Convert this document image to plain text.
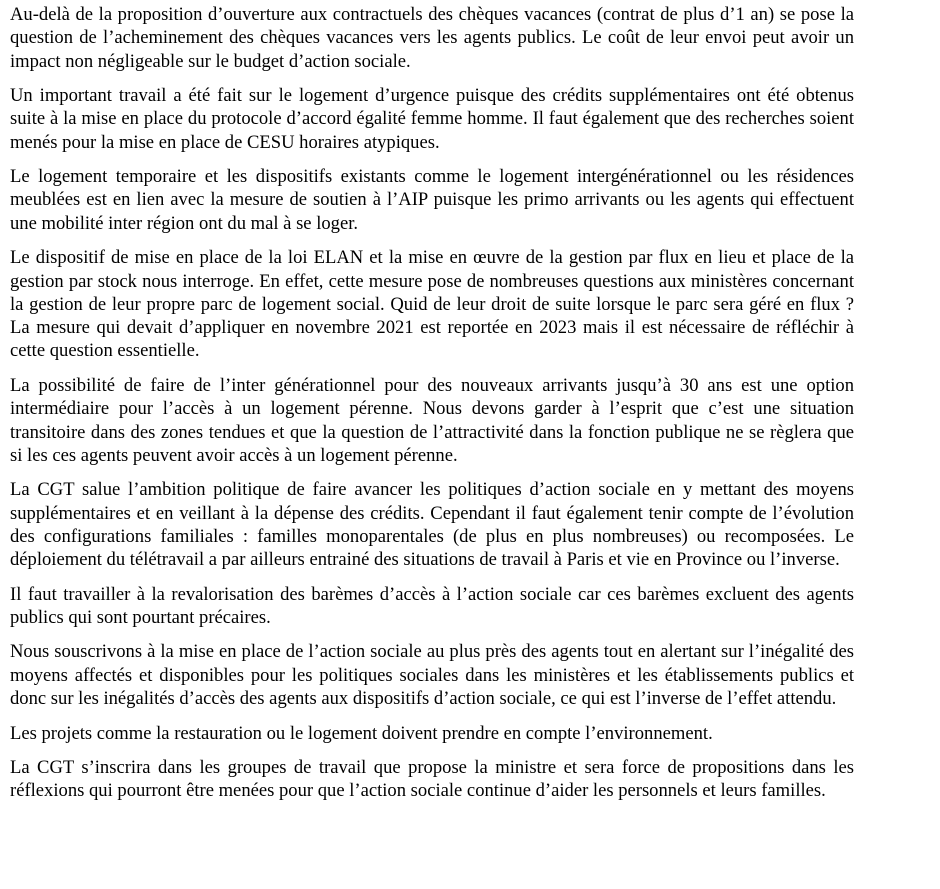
Au-delà de la proposition d’ouverture aux contractuels des chèques vacances (contrat de plus d’1 an) se pose la question de l’acheminement des chèques vacances vers les agents publics. Le coût de leur envoi peut avoir un impact non négligeable sur le budget d’action sociale.

Un important travail a été fait sur le logement d’urgence puisque des crédits supplémentaires ont été obtenus suite à la mise en place du protocole d’accord égalité femme homme. Il faut également que des recherches soient menés pour la mise en place de CESU horaires atypiques.

Le logement temporaire et les dispositifs existants comme le logement intergénérationnel ou les résidences meublées est en lien avec la mesure de soutien à l’AIP puisque les primo arrivants ou les agents qui effectuent une mobilité inter région ont du mal à se loger.

Le dispositif de mise en place de la loi ELAN et la mise en œuvre de la gestion par flux en lieu et place de la gestion par stock nous interroge. En effet, cette mesure pose de nombreuses questions aux ministères concernant la gestion de leur propre parc de logement social. Quid de leur droit de suite lorsque le parc sera géré en flux ? La mesure qui devait d’appliquer en novembre 2021 est reportée en 2023 mais il est nécessaire de réfléchir à cette question essentielle.

La possibilité de faire de l’inter générationnel pour des nouveaux arrivants jusqu’à 30 ans est une option intermédiaire pour l’accès à un logement pérenne. Nous devons garder à l’esprit que c’est une situation transitoire dans des zones tendues et que la question de l’attractivité dans la fonction publique ne se règlera que si les ces agents peuvent avoir accès à un logement pérenne.

La CGT salue l’ambition politique de faire avancer les politiques d’action sociale en y mettant des moyens supplémentaires et en veillant à la dépense des crédits. Cependant il faut également tenir compte de l’évolution des configurations familiales : familles monoparentales (de plus en plus nombreuses) ou recomposées. Le déploiement du télétravail a par ailleurs entrainé des situations de travail à Paris et vie en Province ou l’inverse.

Il faut travailler à la revalorisation des barèmes d’accès à l’action sociale car ces barèmes excluent des agents publics qui sont pourtant précaires.

Nous souscrivons à la mise en place de l’action sociale au plus près des agents tout en alertant sur l’inégalité des moyens affectés et disponibles pour les politiques sociales dans les ministères et les établissements publics et donc sur les inégalités d’accès des agents aux dispositifs d’action sociale, ce qui est l’inverse de l’effet attendu.

Les projets comme la restauration ou le logement doivent prendre en compte l’environnement.

La CGT s’inscrira dans les groupes de travail que propose la ministre et sera force de propositions dans les réflexions qui pourront être menées pour que l’action sociale continue d’aider les personnels et leurs familles.
